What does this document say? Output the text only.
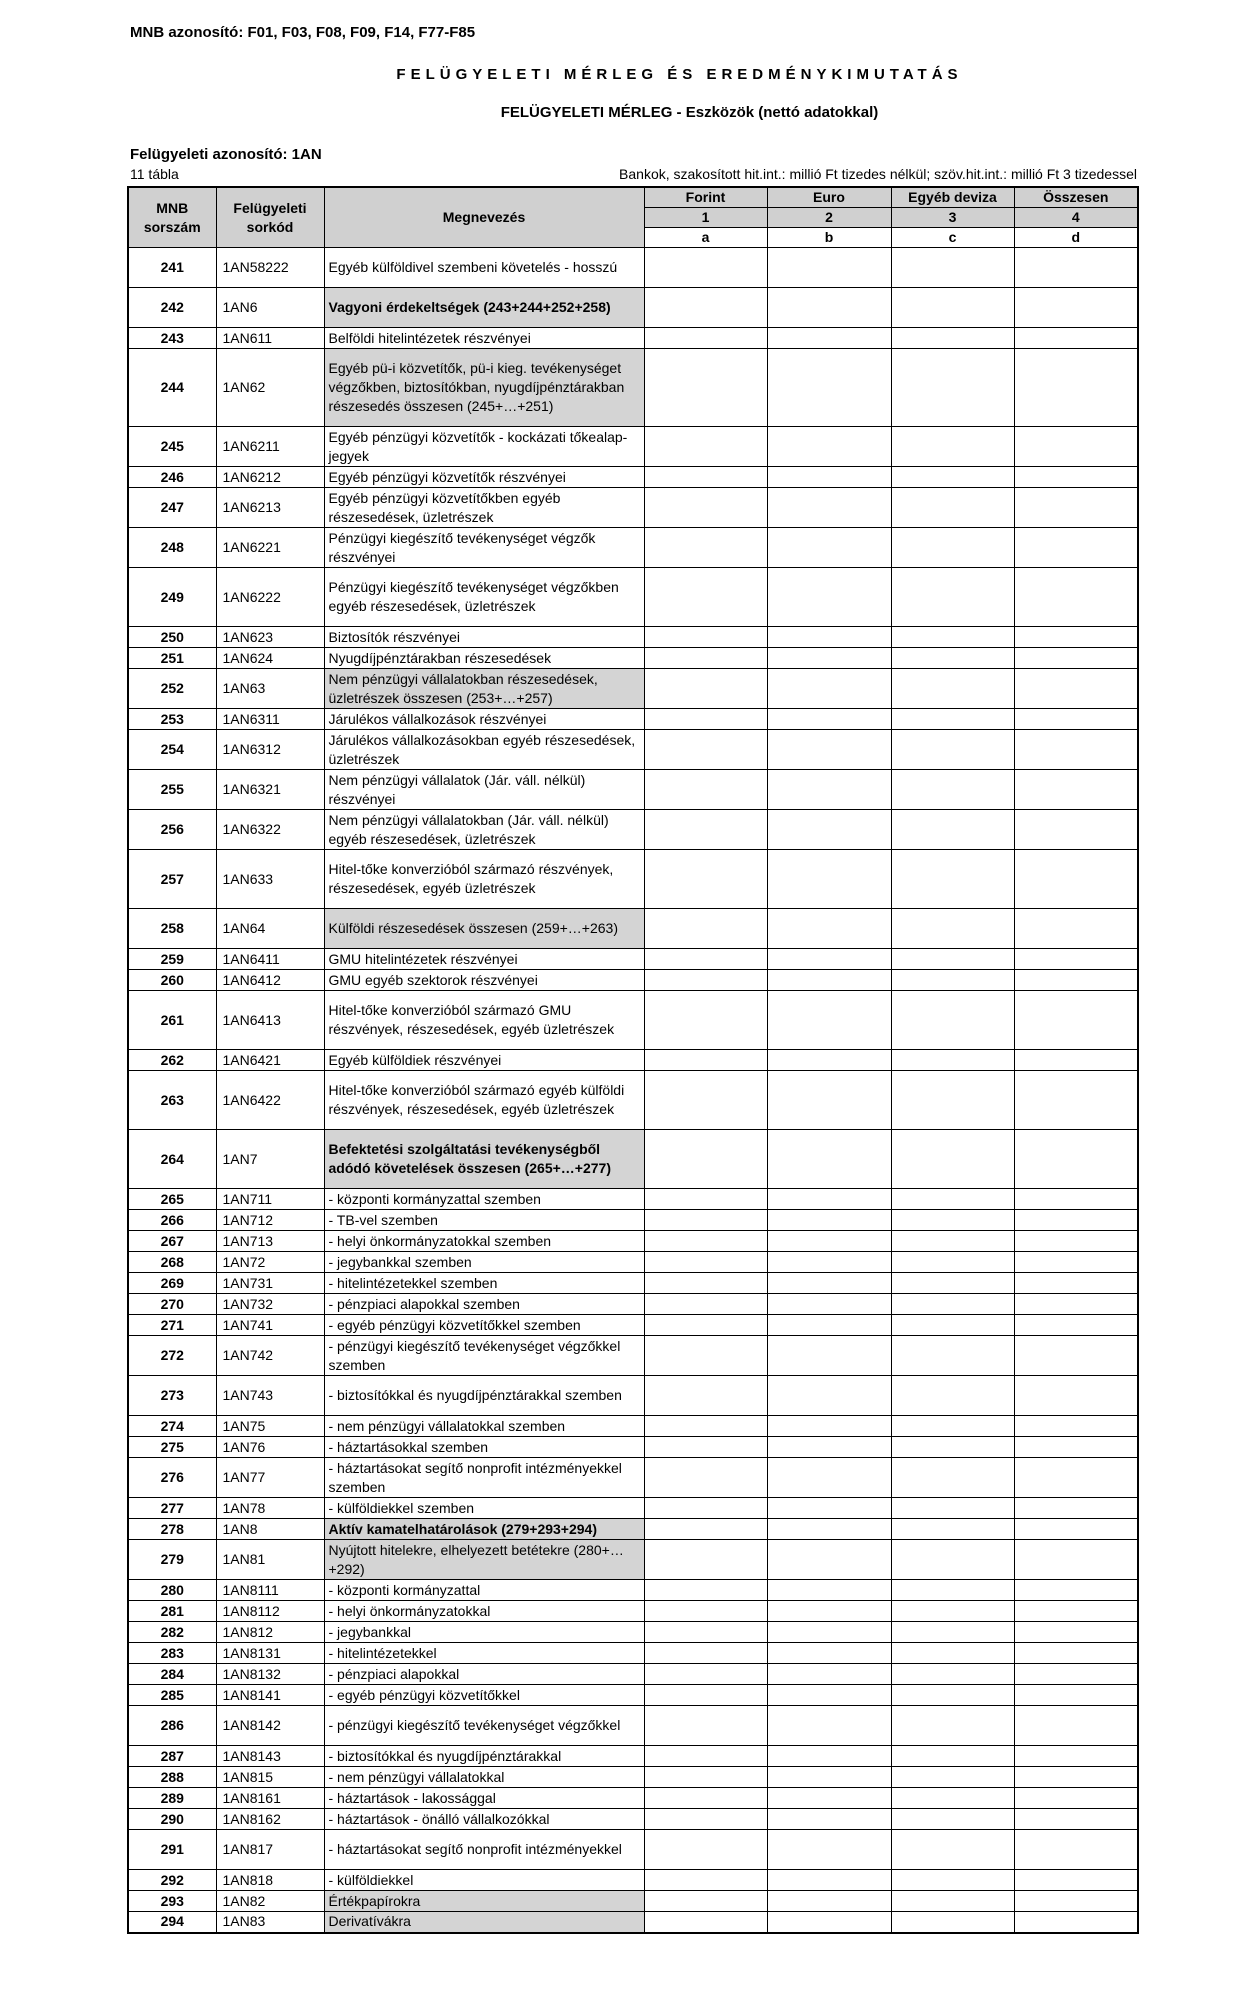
MNB azonosító: F01, F03, F08, F09, F14, F77-F85
FELÜGYELETI MÉRLEG ÉS EREDMÉNYKIMUTATÁS
FELÜGYELETI MÉRLEG - Eszközök (nettó adatokkal)
Felügyeleti azonosító: 1AN
11 tábla	Bankok, szakosított hit.int.: millió Ft tizedes nélkül; szöv.hit.int.: millió Ft 3 tizedessel
MNB sorszám	Felügyeleti sorkód	Megnevezés	Forint	Euro	Egyéb deviza	Összesen
			1	2	3	4
			a	b	c	d
241	1AN58222	Egyéb külföldivel szembeni követelés - hosszú				
242	1AN6	Vagyoni érdekeltségek (243+244+252+258)				
243	1AN611	Belföldi hitelintézetek részvényei				
244	1AN62	Egyéb pü-i közvetítők, pü-i kieg. tevékenységet végzőkben, biztosítókban, nyugdíjpénztárakban részesedés összesen (245+…+251)				
245	1AN6211	Egyéb pénzügyi közvetítők - kockázati tőkealap-jegyek				
246	1AN6212	Egyéb pénzügyi közvetítők részvényei				
247	1AN6213	Egyéb pénzügyi közvetítőkben egyéb részesedések, üzletrészek				
248	1AN6221	Pénzügyi kiegészítő tevékenységet végzők részvényei				
249	1AN6222	Pénzügyi kiegészítő tevékenységet végzőkben egyéb részesedések, üzletrészek				
250	1AN623	Biztosítók részvényei				
251	1AN624	Nyugdíjpénztárakban részesedések				
252	1AN63	Nem pénzügyi vállalatokban részesedések, üzletrészek összesen (253+…+257)				
253	1AN6311	Járulékos vállalkozások részvényei				
254	1AN6312	Járulékos vállalkozásokban egyéb részesedések, üzletrészek				
255	1AN6321	Nem pénzügyi vállalatok (Jár. váll. nélkül) részvényei				
256	1AN6322	Nem pénzügyi vállalatokban (Jár. váll. nélkül) egyéb részesedések, üzletrészek				
257	1AN633	Hitel-tőke konverzióból származó részvények, részesedések, egyéb üzletrészek				
258	1AN64	Külföldi részesedések összesen (259+…+263)				
259	1AN6411	GMU hitelintézetek részvényei				
260	1AN6412	GMU egyéb szektorok részvényei				
261	1AN6413	Hitel-tőke konverzióból származó GMU részvények, részesedések, egyéb üzletrészek				
262	1AN6421	Egyéb külföldiek részvényei				
263	1AN6422	Hitel-tőke konverzióból származó egyéb külföldi részvények, részesedések, egyéb üzletrészek				
264	1AN7	Befektetési szolgáltatási tevékenységből adódó követelések összesen (265+…+277)				
265	1AN711	- központi kormányzattal szemben				
266	1AN712	- TB-vel szemben				
267	1AN713	- helyi önkormányzatokkal szemben				
268	1AN72	- jegybankkal szemben				
269	1AN731	- hitelintézetekkel szemben				
270	1AN732	- pénzpiaci alapokkal szemben				
271	1AN741	- egyéb pénzügyi közvetítőkkel szemben				
272	1AN742	- pénzügyi kiegészítő tevékenységet végzőkkel szemben				
273	1AN743	- biztosítókkal és nyugdíjpénztárakkal szemben				
274	1AN75	- nem pénzügyi vállalatokkal szemben				
275	1AN76	- háztartásokkal szemben				
276	1AN77	- háztartásokat segítő nonprofit intézményekkel szemben				
277	1AN78	- külföldiekkel szemben				
278	1AN8	Aktív kamatelhatárolások (279+293+294)				
279	1AN81	Nyújtott hitelekre, elhelyezett betétekre (280+…+292)				
280	1AN8111	- központi kormányzattal				
281	1AN8112	- helyi önkormányzatokkal				
282	1AN812	- jegybankkal				
283	1AN8131	- hitelintézetekkel				
284	1AN8132	- pénzpiaci alapokkal				
285	1AN8141	- egyéb pénzügyi közvetítőkkel				
286	1AN8142	- pénzügyi kiegészítő tevékenységet végzőkkel				
287	1AN8143	- biztosítókkal és nyugdíjpénztárakkal				
288	1AN815	- nem pénzügyi vállalatokkal				
289	1AN8161	- háztartások - lakossággal				
290	1AN8162	- háztartások - önálló vállalkozókkal				
291	1AN817	- háztartásokat segítő nonprofit intézményekkel				
292	1AN818	- külföldiekkel				
293	1AN82	Értékpapírokra				
294	1AN83	Derivatívákra				
